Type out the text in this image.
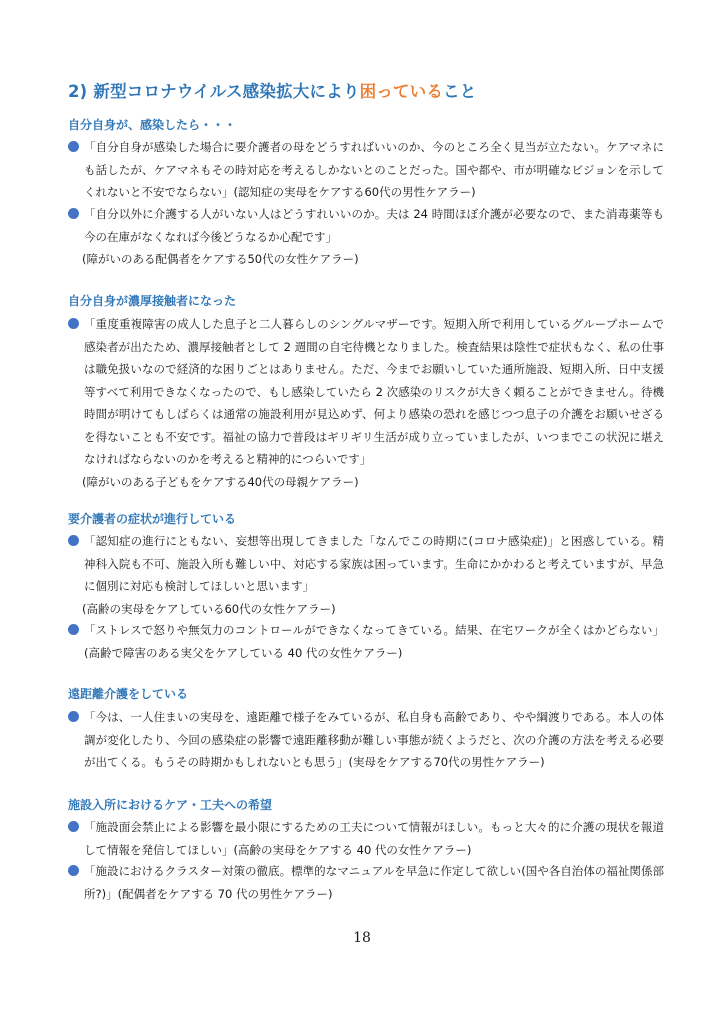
2) 新型コロナウイルス感染拡大により困っていること
自分自身が、感染したら・・・

「自分自身が感染した場合に要介護者の母をどうすればいいのか、今のところ全く見当が立たない。ケアマネにも話したが、ケアマネもその時対応を考えるしかないとのことだった。国や都や、市が明確なビジョンを示してくれないと不安でならない」(認知症の実母をケアする60代の男性ケアラー)

「自分以外に介護する人がいない人はどうすれいいのか。夫は 24 時間ほぼ介護が必要なので、また消毒薬等も今の在庫がなくなれば今後どうなるか心配です」

(障がいのある配偶者をケアする50代の女性ケアラー)

自分自身が濃厚接触者になった

「重度重複障害の成人した息子と二人暮らしのシングルマザーです。短期入所で利用しているグループホームで感染者が出たため、濃厚接触者として 2 週間の自宅待機となりました。検査結果は陰性で症状もなく、私の仕事は職免扱いなので経済的な困りごとはありません。ただ、今までお願いしていた通所施設、短期入所、日中支援等すべて利用できなくなったので、もし感染していたら 2 次感染のリスクが大きく頼ることができません。待機時間が明けてもしばらくは通常の施設利用が見込めず、何より感染の恐れを感じつつ息子の介護をお願いせざるを得ないことも不安です。福祉の協力で普段はギリギリ生活が成り立っていましたが、いつまでこの状況に堪えなければならないのかを考えると精神的につらいです」

(障がいのある子どもをケアする40代の母親ケアラー)

要介護者の症状が進行している

「認知症の進行にともない、妄想等出現してきました「なんでこの時期に(コロナ感染症)」と困惑している。精神科入院も不可、施設入所も難しい中、対応する家族は困っています。生命にかかわると考えていますが、早急に個別に対応も検討してほしいと思います」

(高齢の実母をケアしている60代の女性ケアラー)

「ストレスで怒りや無気力のコントロールができなくなってきている。結果、在宅ワークが全くはかどらない」(高齢で障害のある実父をケアしている 40 代の女性ケアラー)

遠距離介護をしている

「今は、一人住まいの実母を、遠距離で様子をみているが、私自身も高齢であり、やや綱渡りである。本人の体調が変化したり、今回の感染症の影響で遠距離移動が難しい事態が続くようだと、次の介護の方法を考える必要が出てくる。もうその時期かもしれないとも思う」(実母をケアする70代の男性ケアラー)

施設入所におけるケア・工夫への希望

「施設面会禁止による影響を最小限にするための工夫について情報がほしい。もっと大々的に介護の現状を報道して情報を発信してほしい」(高齢の実母をケアする 40 代の女性ケアラー)

「施設におけるクラスター対策の徹底。標準的なマニュアルを早急に作定して欲しい(国や各自治体の福祉関係部所?)」(配偶者をケアする 70 代の男性ケアラー)

18
